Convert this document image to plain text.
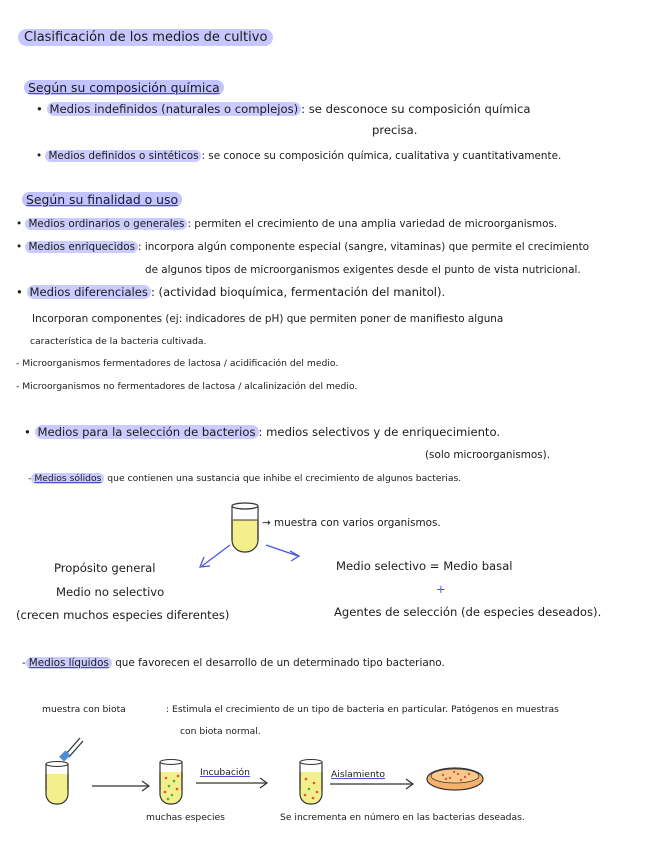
Clasificación de los medios de cultivo
Según su composición química
• Medios indefinidos (naturales o complejos) : se desconoce su composición química
precisa.
• Medios definidos o sintéticos : se conoce su composición química, cualitativa y cuantitativamente.
Según su finalidad o uso
• Medios ordinarios o generales : permiten el crecimiento de una amplia variedad de microorganismos.
• Medios enriquecidos : incorpora algún componente especial (sangre, vitaminas) que permite el crecimiento
de algunos tipos de microorganismos exigentes desde el punto de vista nutricional.
• Medios diferenciales : (actividad bioquímica, fermentación del manitol).
Incorporan componentes (ej: indicadores de pH) que permiten poner de manifiesto alguna
característica de la bacteria cultivada.
- Microorganismos fermentadores de lactosa / acidificación del medio.
- Microorganismos no fermentadores de lactosa / alcalinización del medio.
• Medios para la selección de bacterios : medios selectivos y de enriquecimiento.
(solo microorganismos).
- Medios sólidos que contienen una sustancia que inhibe el crecimiento de algunos bacterias.
→ muestra con varios organismos.
Propósito general
Medio no selectivo
(crecen muchos especies diferentes)
Medio selectivo = Medio basal
+
Agentes de selección (de especies deseados).
- Medios líquidos que favorecen el desarrollo de un determinado tipo bacteriano.
muestra con biota	: Estimula el crecimiento de un tipo de bacteria en particular. Patógenos en muestras
con biota normal.
Incubación	Aislamiento
muchas especies	Se incrementa en número en las bacterias deseadas.
